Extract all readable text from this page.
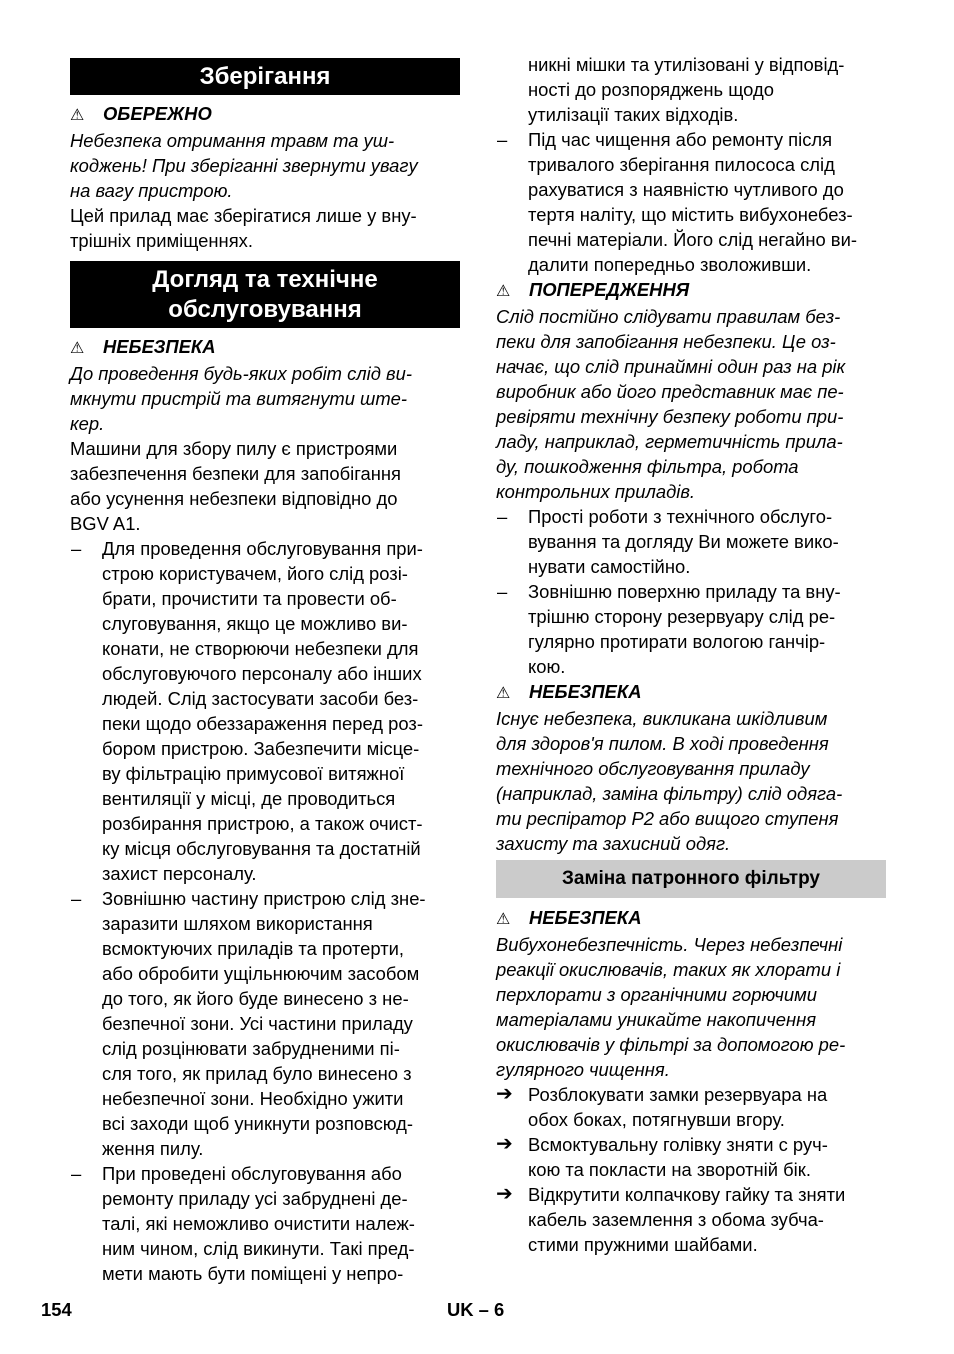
Зберігання
⚠ ОБЕРЕЖНО
Небезпека отримання травм та уш-
коджень! При зберіганні звернути увагу
на вагу пристрою.
Цей прилад має зберігатися лише у вну-
трішніх приміщеннях.
Догляд та технічне
обслуговування
⚠ НЕБЕЗПЕКА
До проведення будь-яких робіт слід ви-
мкнути пристрій та витягнути ште-
кер.
Машини для збору пилу є пристроями
забезпечення безпеки для запобігання
або усунення небезпеки відповідно до
BGV A1.
–	Для проведення обслуговування при-
строю користувачем, його слід розі-
брати, прочистити та провести об-
слуговування, якщо це можливо ви-
конати, не створюючи небезпеки для
обслуговуючого персоналу або інших
людей. Слід застосувати засоби без-
пеки щодо обеззараження перед роз-
бором пристрою. Забезпечити місце-
ву фільтрацію примусової витяжної
вентиляції у місці, де проводиться
розбирання пристрою, а також очист-
ку місця обслуговування та достатній
захист персоналу.
–	Зовнішню частину пристрою слід зне-
заразити шляхом використання
всмоктуючих приладів та протерти,
або обробити ущільнюючим засобом
до того, як його буде винесено з не-
безпечної зони. Усі частини приладу
слід розцінювати забрудненими пі-
сля того, як прилад було винесено з
небезпечної зони. Необхідно ужити
всі заходи щоб уникнути розповсюд-
ження пилу.
–	При проведені обслуговування або
ремонту приладу усі забруднені де-
талі, які неможливо очистити належ-
ним чином, слід викинути. Такі пред-
мети мають бути поміщені у непро-
никні мішки та утилізовані у відповід-
ності до розпоряджень щодо
утилізації таких відходів.
–	Під час чищення або ремонту після
тривалого зберігання пилососа слід
рахуватися з наявністю чутливого до
тертя наліту, що містить вибухонебез-
печні матеріали. Його слід негайно ви-
далити попередньо зволоживши.
⚠ ПОПЕРЕДЖЕННЯ
Слід постійно слідувати правилам без-
пеки для запобігання небезпеки. Це оз-
начає, що слід принаймні один раз на рік
виробник або його представник має пе-
ревіряти технічну безпеку роботи при-
ладу, наприклад, герметичність прила-
ду, пошкодження фільтра, робота
контрольних приладів.
–	Прості роботи з технічного обслуго-
вування та догляду Ви можете вико-
нувати самостійно.
–	Зовнішню поверхню приладу та вну-
трішню сторону резервуару слід ре-
гулярно протирати вологою ганчір-
кою.
⚠ НЕБЕЗПЕКА
Існує небезпека, викликана шкідливим
для здоров'я пилом. В ході проведення
технічного обслуговування приладу
(наприклад, заміна фільтру) слід одяга-
ти респіратор P2 або вищого ступеня
захисту та захисний одяг.
Заміна патронного фільтру
⚠ НЕБЕЗПЕКА
Вибухонебезпечність. Через небезпечні
реакції окислювачів, таких як хлорати і
перхлорати з органічними горючими
матеріалами уникайте накопичення
окислювачів у фільтрі за допомогою ре-
гулярного чищення.
➔ Розблокувати замки резервуара на
обох боках, потягнувши вгору.
➔ Всмоктувальну голівку зняти с руч-
кою та покласти на зворотній бік.
➔ Відкрутити колпачкову гайку та зняти
кабель заземлення з обома зубча-
стими пружними шайбами.
154	UK – 6
